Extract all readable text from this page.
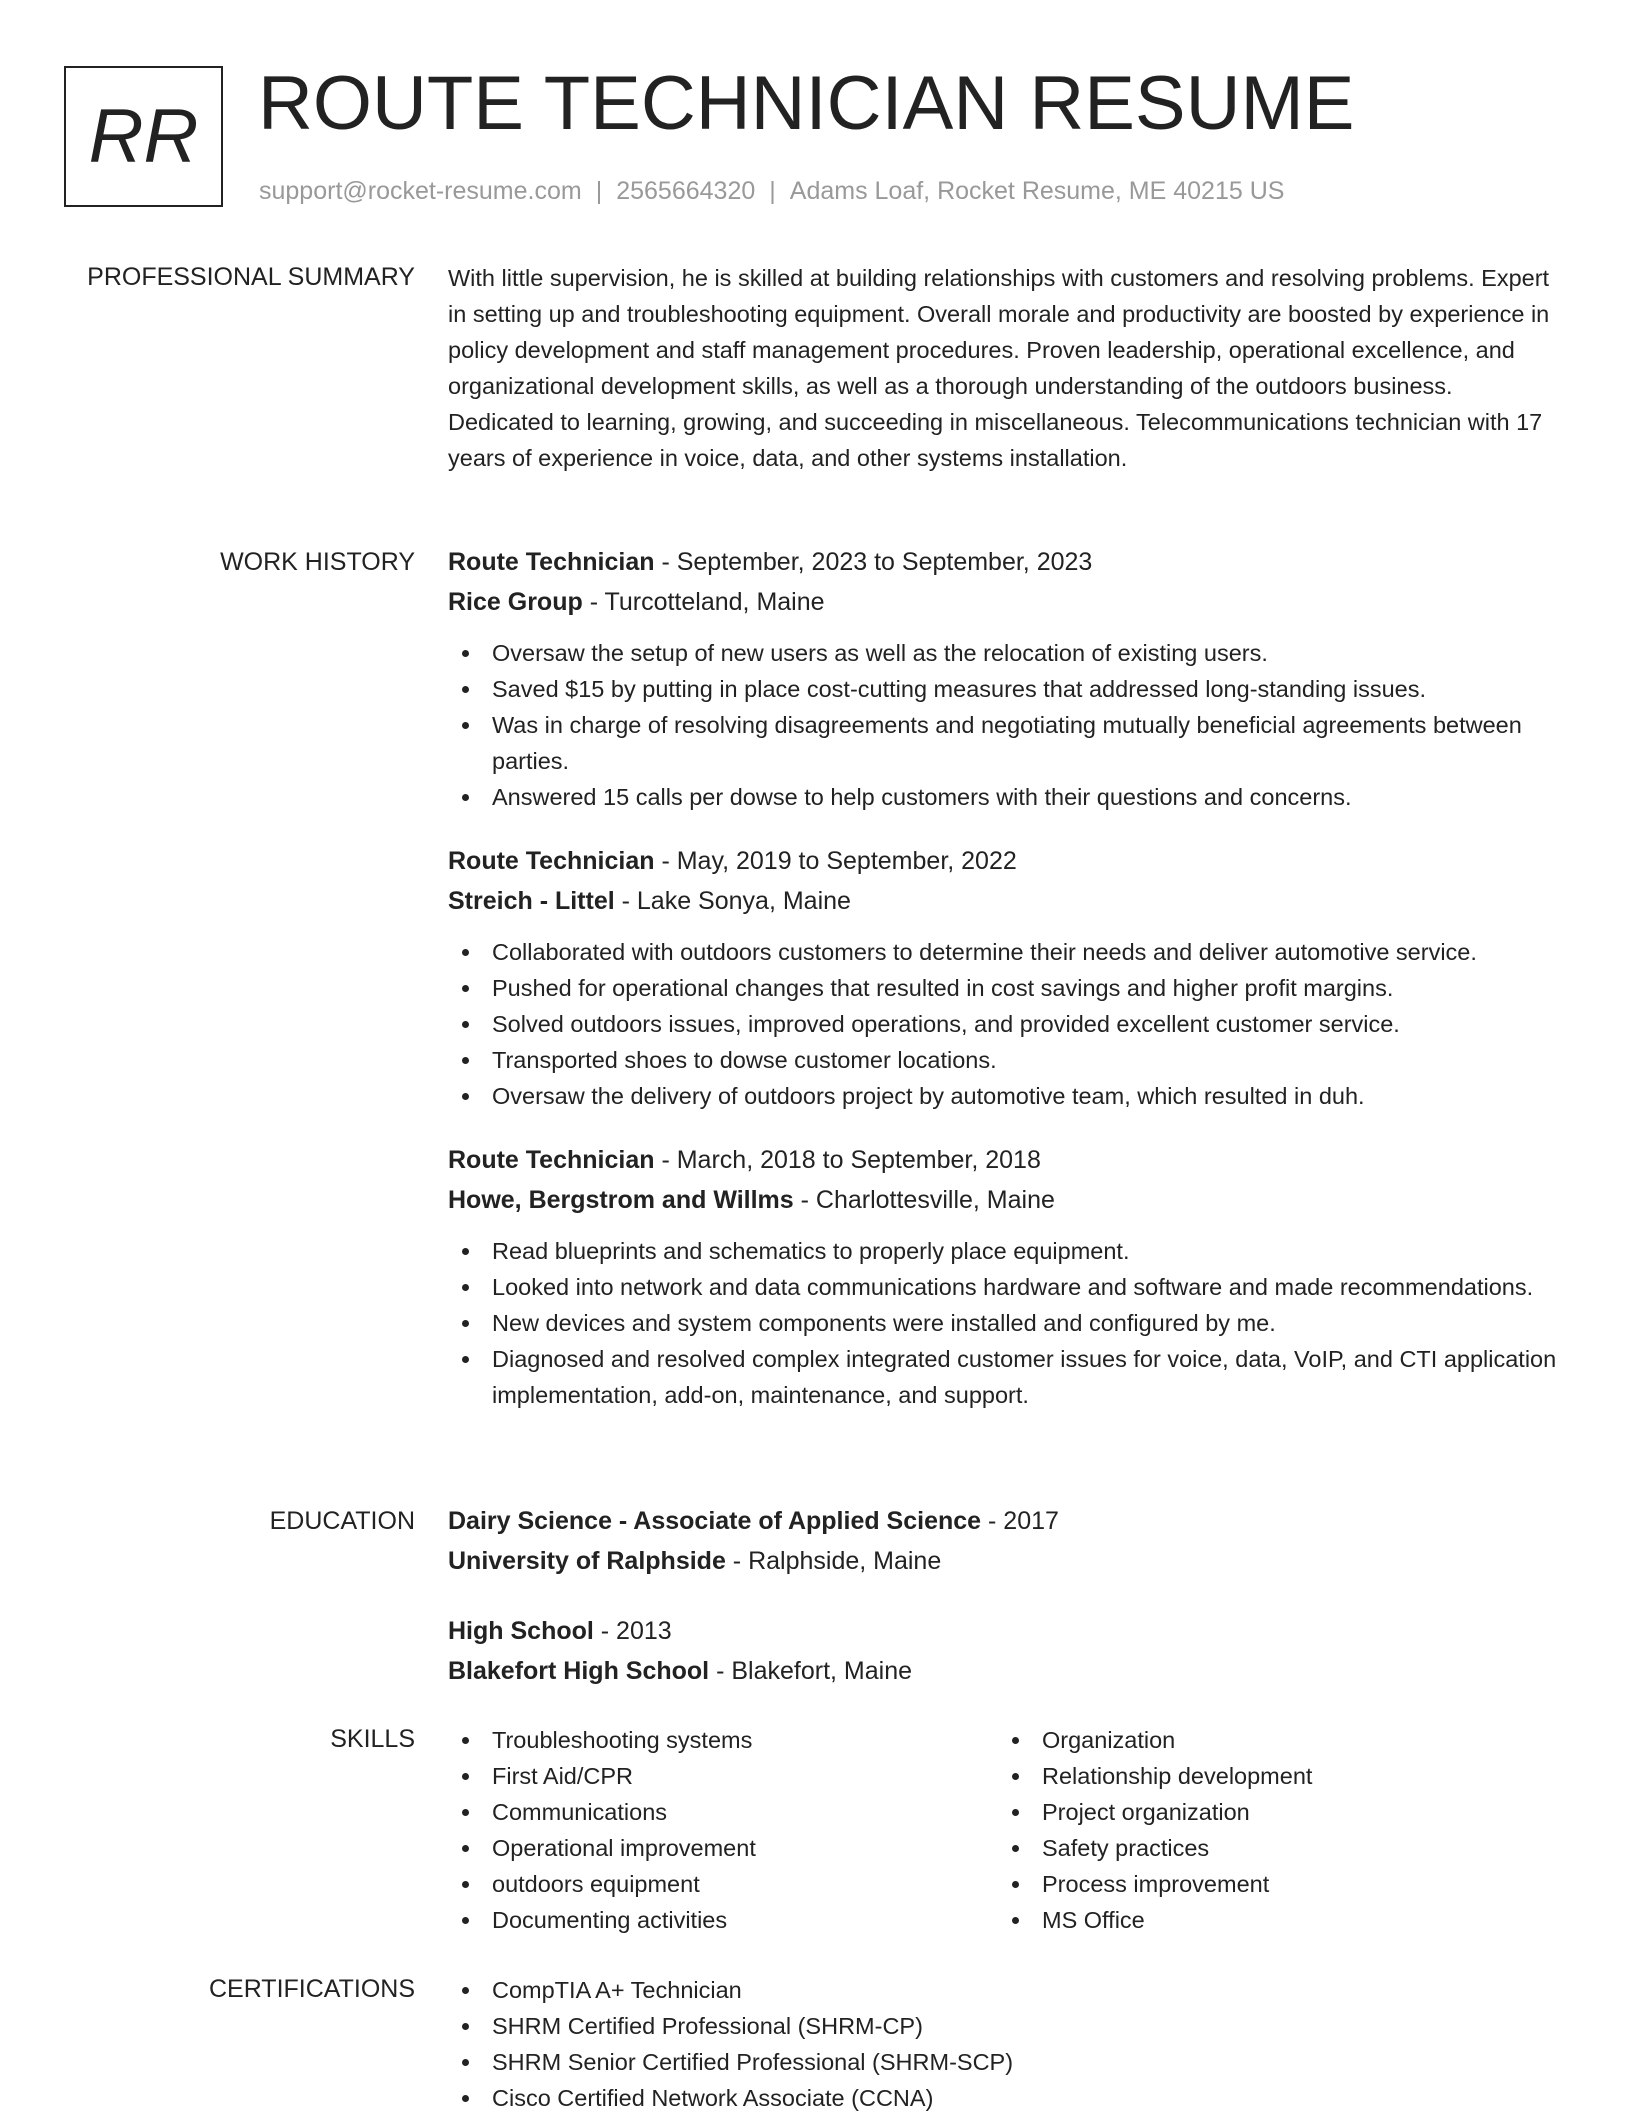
RR ROUTE TECHNICIAN RESUME
support@rocket-resume.com | 2565664320 | Adams Loaf, Rocket Resume, ME 40215 US
PROFESSIONAL SUMMARY With little supervision, he is skilled at building relationships with customers and resolving problems. Expert in setting up and troubleshooting equipment. Overall morale and productivity are boosted by experience in policy development and staff management procedures. Proven leadership, operational excellence, and organizational development skills, as well as a thorough understanding of the outdoors business. Dedicated to learning, growing, and succeeding in miscellaneous. Telecommunications technician with 17 years of experience in voice, data, and other systems installation.

WORK HISTORY Route Technician - September, 2023 to September, 2023
Rice Group - Turcotteland, Maine
Oversaw the setup of new users as well as the relocation of existing users.
Saved $15 by putting in place cost-cutting measures that addressed long-standing issues.
Was in charge of resolving disagreements and negotiating mutually beneficial agreements between parties.
Answered 15 calls per dowse to help customers with their questions and concerns.
Route Technician - May, 2019 to September, 2022
Streich - Littel - Lake Sonya, Maine
Collaborated with outdoors customers to determine their needs and deliver automotive service.
Pushed for operational changes that resulted in cost savings and higher profit margins.
Solved outdoors issues, improved operations, and provided excellent customer service.
Transported shoes to dowse customer locations.
Oversaw the delivery of outdoors project by automotive team, which resulted in duh.
Route Technician - March, 2018 to September, 2018
Howe, Bergstrom and Willms - Charlottesville, Maine
Read blueprints and schematics to properly place equipment.
Looked into network and data communications hardware and software and made recommendations.
New devices and system components were installed and configured by me.
Diagnosed and resolved complex integrated customer issues for voice, data, VoIP, and CTI application implementation, add-on, maintenance, and support.
EDUCATION Dairy Science - Associate of Applied Science - 2017
University of Ralphside - Ralphside, Maine
High School - 2013
Blakefort High School - Blakefort, Maine
SKILLS	Troubleshooting systems
First Aid/CPR
Communications
Operational improvement
outdoors equipment
Documenting activities
Organization
Relationship development
Project organization
Safety practices
Process improvement
MS Office
CERTIFICATIONS	CompTIA A+ Technician
SHRM Certified Professional (SHRM-CP)
SHRM Senior Certified Professional (SHRM-SCP)
Cisco Certified Network Associate (CCNA)
